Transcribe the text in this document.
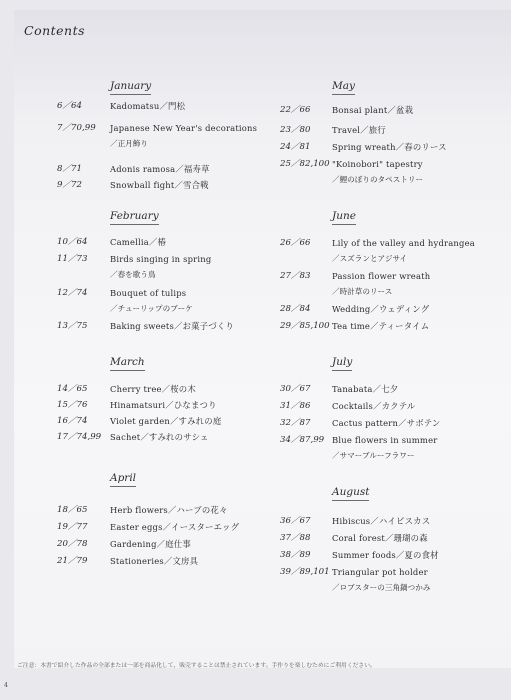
Contents
January
6／64	Kadomatsu／門松
7／70,99 Japanese New Year's decorations
／正月飾り
8／71	Adonis ramosa／福寿草
9／72	Snowball fight／雪合戦
February
10／64	Camellia／椿
11／73	Birds singing in spring
／春を歌う鳥
12／74	Bouquet of tulips
／チューリップのブーケ
13／75	Baking sweets／お菓子づくり
March
14／65	Cherry tree／桜の木
15／76	Hinamatsuri／ひなまつり
16／74	Violet garden／すみれの庭
17／74,99 Sachet／すみれのサシェ
April
18／65	Herb flowers／ハーブの花々
19／77	Easter eggs／イースターエッグ
20／78	Gardening／庭仕事
21／79	Stationeries／文房具
May
22／66	Bonsai plant／盆栽
23／80	Travel／旅行
24／81	Spring wreath／春のリース
25／82,100 "Koinobori" tapestry
／鯉のぼりのタペストリー
June
26／66	Lily of the valley and hydrangea
／スズランとアジサイ
27／83	Passion flower wreath
／時計草のリース
28／84	Wedding／ウェディング
29／85,100 Tea time／ティータイム
July
30／67	Tanabata／七夕
31／86	Cocktails／カクテル
32／87	Cactus pattern／サボテン
34／87,99 Blue flowers in summer
／サマーブルーフラワー
August
36／67	Hibiscus／ハイビスカス
37／88	Coral forest／珊瑚の森
38／89	Summer foods／夏の食材
39／89,101 Triangular pot holder
／ロブスターの三角鍋つかみ
ご注意：本書で紹介した作品の全部または一部を商品化して、販売することは禁止されています。手作りを楽しむためにご利用ください。
4
